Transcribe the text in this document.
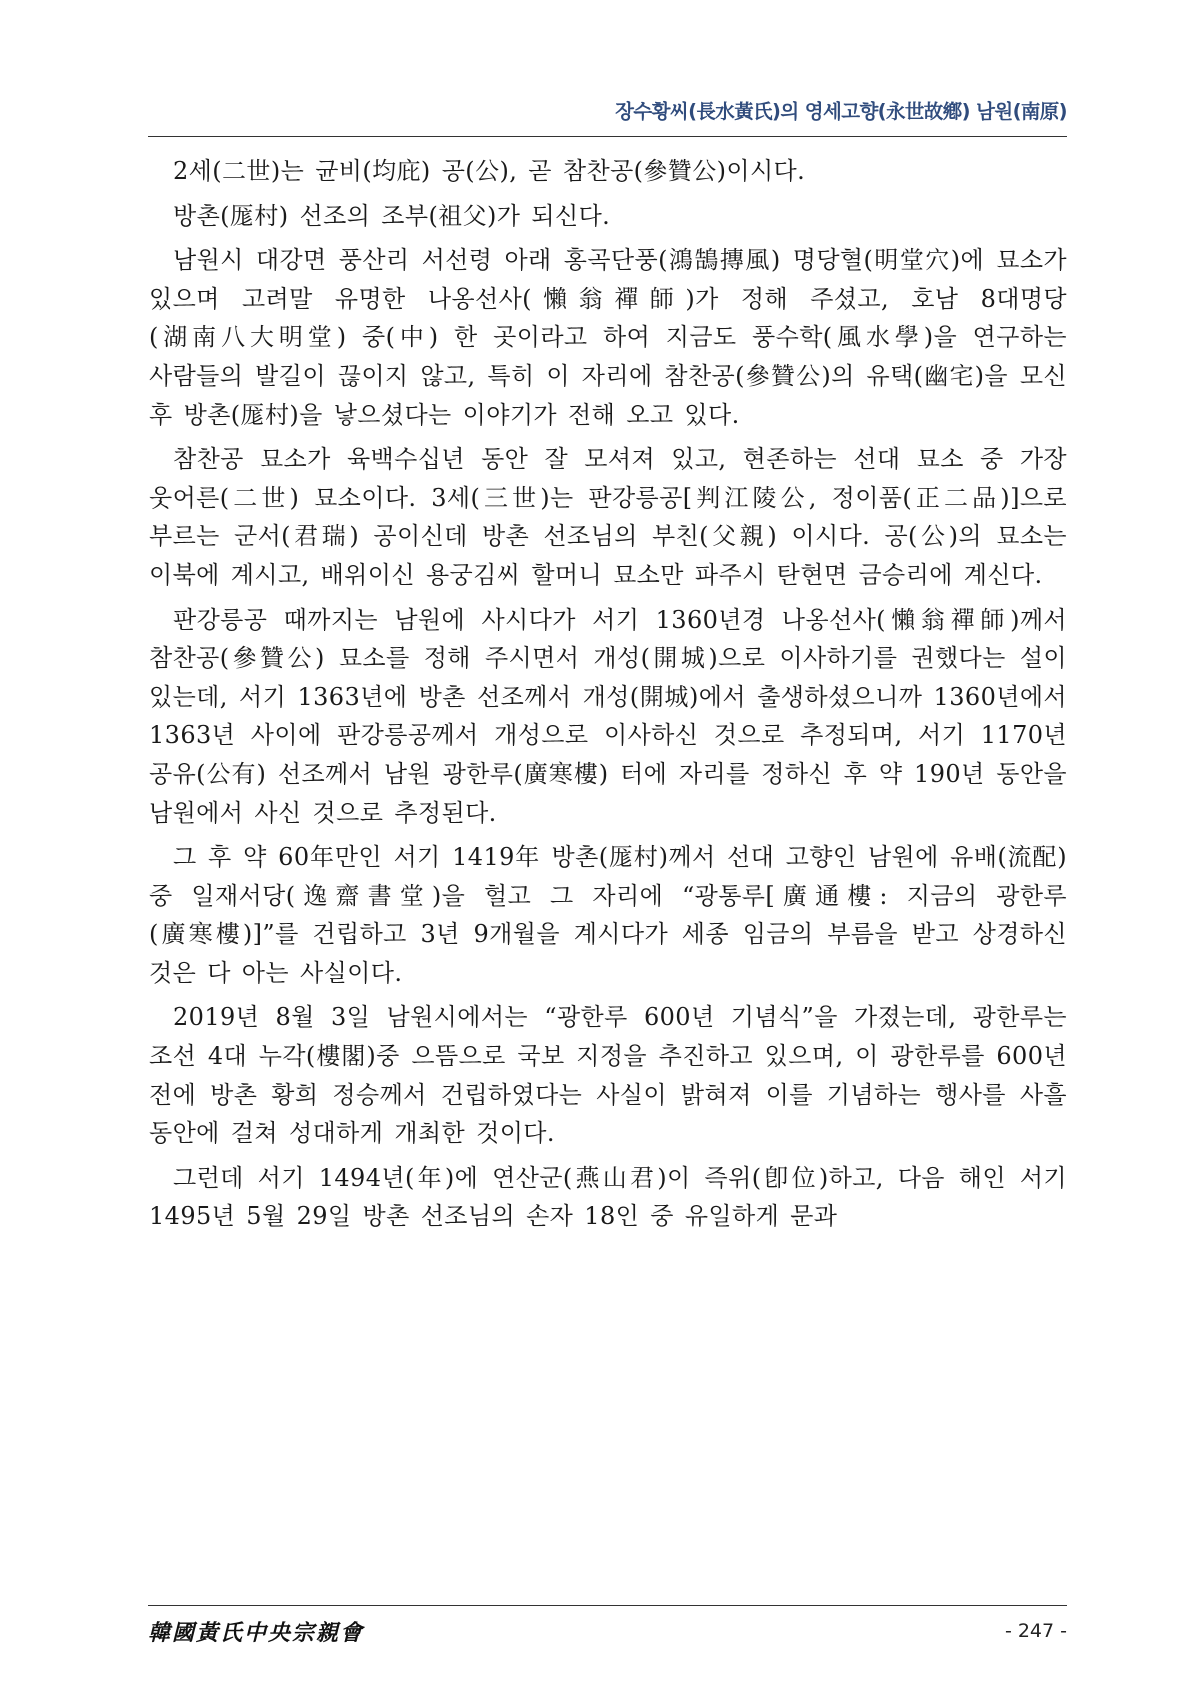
장수황씨(長水黃氏)의 영세고향(永世故鄕) 남원(南原)

2세(二世)는 균비(均庇) 공(公), 곧 참찬공(參贊公)이시다.

방촌(厖村) 선조의 조부(祖父)가 되신다.

남원시 대강면 풍산리 서선령 아래 홍곡단풍(鴻鵠摶風) 명당혈(明堂穴)에 묘소가 있으며 고려말 유명한 나옹선사(懶翁禪師)가 정해 주셨고, 호남 8대명당(湖南八大明堂) 중(中) 한 곳이라고 하여 지금도 풍수학(風水學)을 연구하는 사람들의 발길이 끊이지 않고, 특히 이 자리에 참찬공(參贊公)의 유택(幽宅)을 모신 후 방촌(厖村)을 낳으셨다는 이야기가 전해 오고 있다.

참찬공 묘소가 육백수십년 동안 잘 모셔져 있고, 현존하는 선대 묘소 중 가장 웃어른(二世) 묘소이다. 3세(三世)는 판강릉공[判江陵公, 정이품(正二品)]으로 부르는 군서(君瑞) 공이신데 방촌 선조님의 부친(父親) 이시다. 공(公)의 묘소는 이북에 계시고, 배위이신 용궁김씨 할머니 묘소만 파주시 탄현면 금승리에 계신다.

판강릉공 때까지는 남원에 사시다가 서기 1360년경 나옹선사(懶翁禪師)께서 참찬공(參贊公) 묘소를 정해 주시면서 개성(開城)으로 이사하기를 권했다는 설이 있는데, 서기 1363년에 방촌 선조께서 개성(開城)에서 출생하셨으니까 1360년에서 1363년 사이에 판강릉공께서 개성으로 이사하신 것으로 추정되며, 서기 1170년 공유(公有) 선조께서 남원 광한루(廣寒樓) 터에 자리를 정하신 후 약 190년 동안을 남원에서 사신 것으로 추정된다.

그 후 약 60年만인 서기 1419年 방촌(厖村)께서 선대 고향인 남원에 유배(流配) 중 일재서당(逸齋書堂)을 헐고 그 자리에 “광통루[廣通樓: 지금의 광한루(廣寒樓)]”를 건립하고 3년 9개월을 계시다가 세종 임금의 부름을 받고 상경하신 것은 다 아는 사실이다.

2019년 8월 3일 남원시에서는 “광한루 600년 기념식”을 가졌는데, 광한루는 조선 4대 누각(樓閣)중 으뜸으로 국보 지정을 추진하고 있으며, 이 광한루를 600년 전에 방촌 황희 정승께서 건립하였다는 사실이 밝혀져 이를 기념하는 행사를 사흘 동안에 걸쳐 성대하게 개최한 것이다.

그런데 서기 1494년(年)에 연산군(燕山君)이 즉위(卽位)하고, 다음 해인 서기 1495년 5월 29일 방촌 선조님의 손자 18인 중 유일하게 문과

韓國黃氏中央宗親會	- 247 -
